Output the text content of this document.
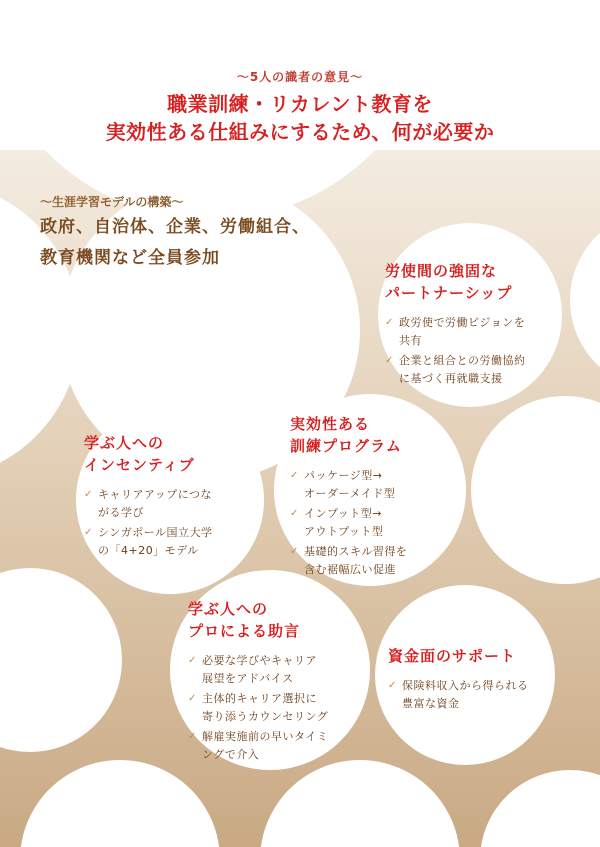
～5人の識者の意見～
職業訓練・リカレント教育を
実効性ある仕組みにするため、何が必要か
～生涯学習モデルの構築～
政府、自治体、企業、労働組合、
教育機関など全員参加
労使間の強固な
パートナーシップ
✓ 政労使で労働ビジョンを
共有
✓ 企業と組合との労働協約
に基づく再就職支援
学ぶ人への
インセンティブ
✓ キャリアアップにつな
がる学び
✓ シンガポール国立大学
の「4+20」モデル
実効性ある
訓練プログラム
✓ パッケージ型→
オーダーメイド型
✓ インプット型→
アウトプット型
✓ 基礎的スキル習得を
含む裾幅広い促進
学ぶ人への
プロによる助言
✓ 必要な学びやキャリア
展望をアドバイス
✓ 主体的キャリア選択に
寄り添うカウンセリング
✓ 解雇実施前の早いタイミ
ングで介入
資金面のサポート
✓ 保険料収入から得られる
豊富な資金
